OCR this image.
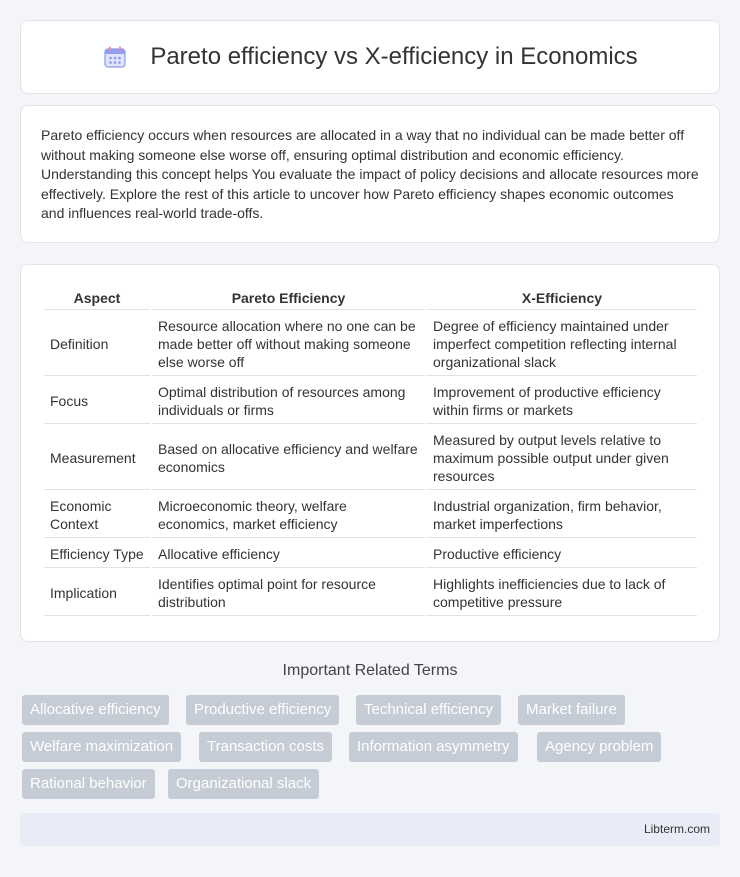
Pareto efficiency vs X-efficiency in Economics

Pareto efficiency occurs when resources are allocated in a way that no individual can be made better off without making someone else worse off, ensuring optimal distribution and economic efficiency. Understanding this concept helps You evaluate the impact of policy decisions and allocate resources more effectively. Explore the rest of this article to uncover how Pareto efficiency shapes economic outcomes and influences real-world trade-offs.

Aspect	Pareto Efficiency	X-Efficiency
Definition	Resource allocation where no one can be made better off without making someone else worse off	Degree of efficiency maintained under imperfect competition reflecting internal organizational slack
Focus	Optimal distribution of resources among individuals or firms	Improvement of productive efficiency within firms or markets
Measurement	Based on allocative efficiency and welfare economics	Measured by output levels relative to maximum possible output under given resources
Economic Context	Microeconomic theory, welfare economics, market efficiency	Industrial organization, firm behavior, market imperfections
Efficiency Type	Allocative efficiency	Productive efficiency
Implication	Identifies optimal point for resource distribution	Highlights inefficiencies due to lack of competitive pressure
Important Related Terms
Allocative efficiency	Productive efficiency	Technical efficiency	Market failure
Welfare maximization	Transaction costs	Information asymmetry	Agency problem
Rational behavior	Organizational slack
Libterm.com
